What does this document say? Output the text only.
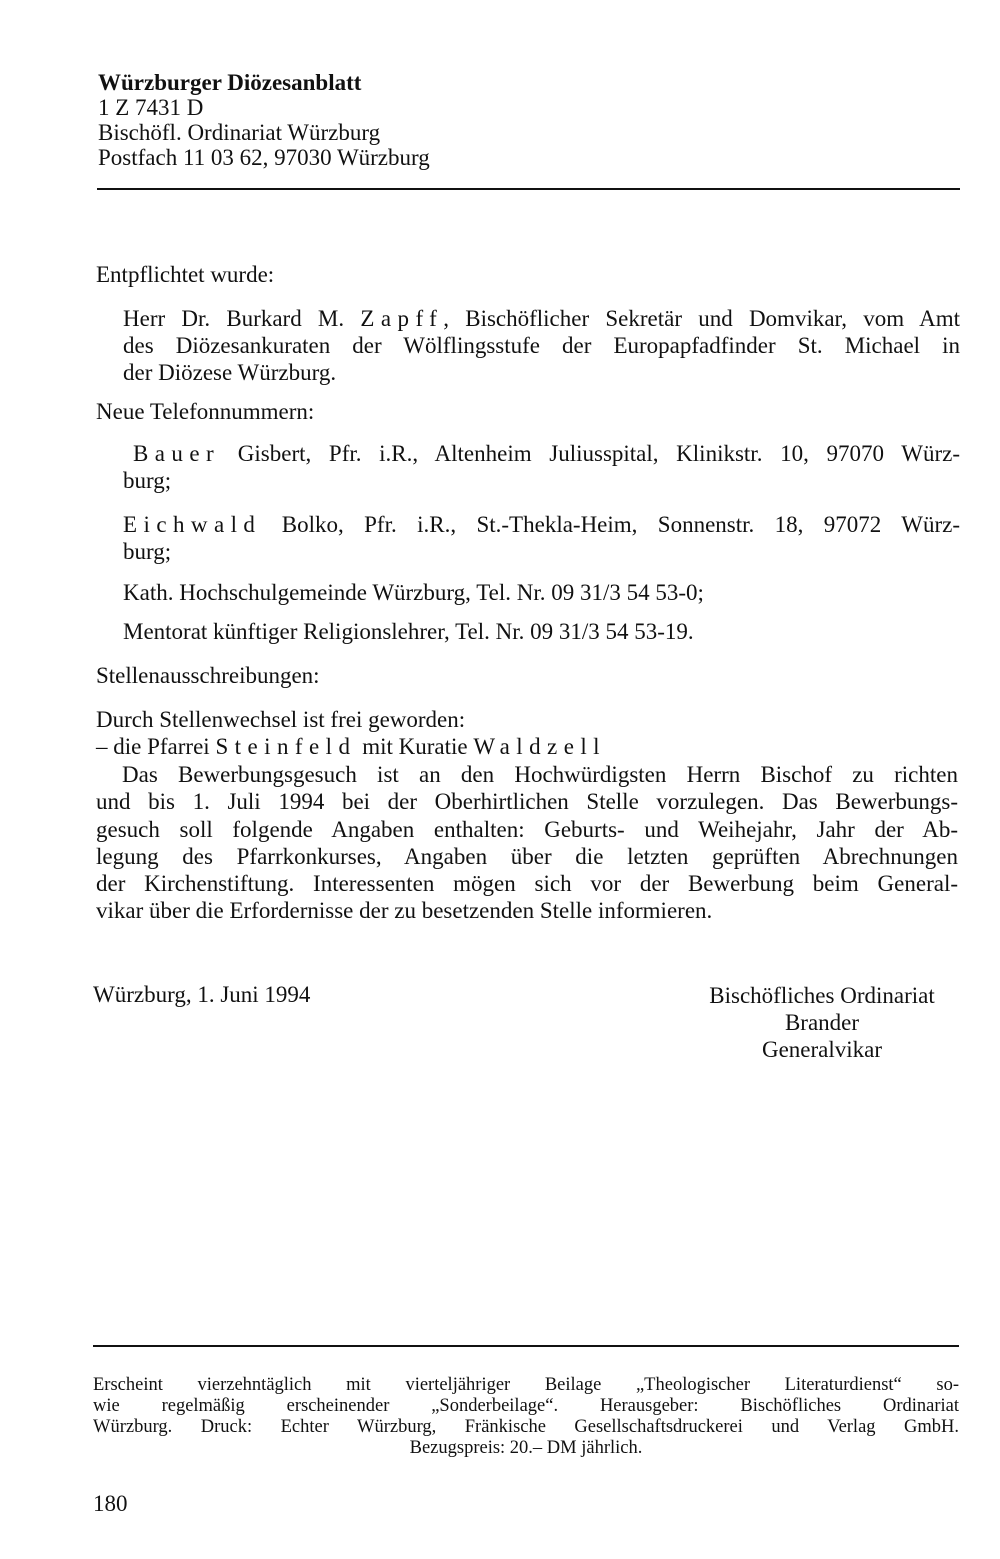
Würzburger Diözesanblatt
1 Z 7431 D
Bischöfl. Ordinariat Würzburg
Postfach 11 03 62, 97030 Würzburg
Entpflichtet wurde:
Herr Dr. Burkard M. Zapff, Bischöflicher Sekretär und Domvikar, vom Amt
des Diözesankuraten der Wölflingsstufe der Europapfadfinder St. Michael in
der Diözese Würzburg.
Neue Telefonnummern:
Bauer Gisbert, Pfr. i.R., Altenheim Juliusspital, Klinikstr. 10, 97070 Würz-
burg;
Eichwald Bolko, Pfr. i.R., St.-Thekla-Heim, Sonnenstr. 18, 97072 Würz-
burg;
Kath. Hochschulgemeinde Würzburg, Tel. Nr. 09 31/3 54 53-0;
Mentorat künftiger Religionslehrer, Tel. Nr. 09 31/3 54 53-19.
Stellenausschreibungen:
Durch Stellenwechsel ist frei geworden:
– die Pfarrei Steinfeld mit Kuratie Waldzell
Das Bewerbungsgesuch ist an den Hochwürdigsten Herrn Bischof zu richten
und bis 1. Juli 1994 bei der Oberhirtlichen Stelle vorzulegen. Das Bewerbungs-
gesuch soll folgende Angaben enthalten: Geburts- und Weihejahr, Jahr der Ab-
legung des Pfarrkonkurses, Angaben über die letzten geprüften Abrechnungen
der Kirchenstiftung. Interessenten mögen sich vor der Bewerbung beim General-
vikar über die Erfordernisse der zu besetzenden Stelle informieren.
Würzburg, 1. Juni 1994	Bischöfliches Ordinariat
Brander
Generalvikar
Erscheint vierzehntäglich mit vierteljähriger Beilage „Theologischer Literaturdienst“ so-
wie regelmäßig erscheinender „Sonderbeilage“. Herausgeber: Bischöfliches Ordinariat
Würzburg. Druck: Echter Würzburg, Fränkische Gesellschaftsdruckerei und Verlag GmbH.
Bezugspreis: 20.– DM jährlich.
180
